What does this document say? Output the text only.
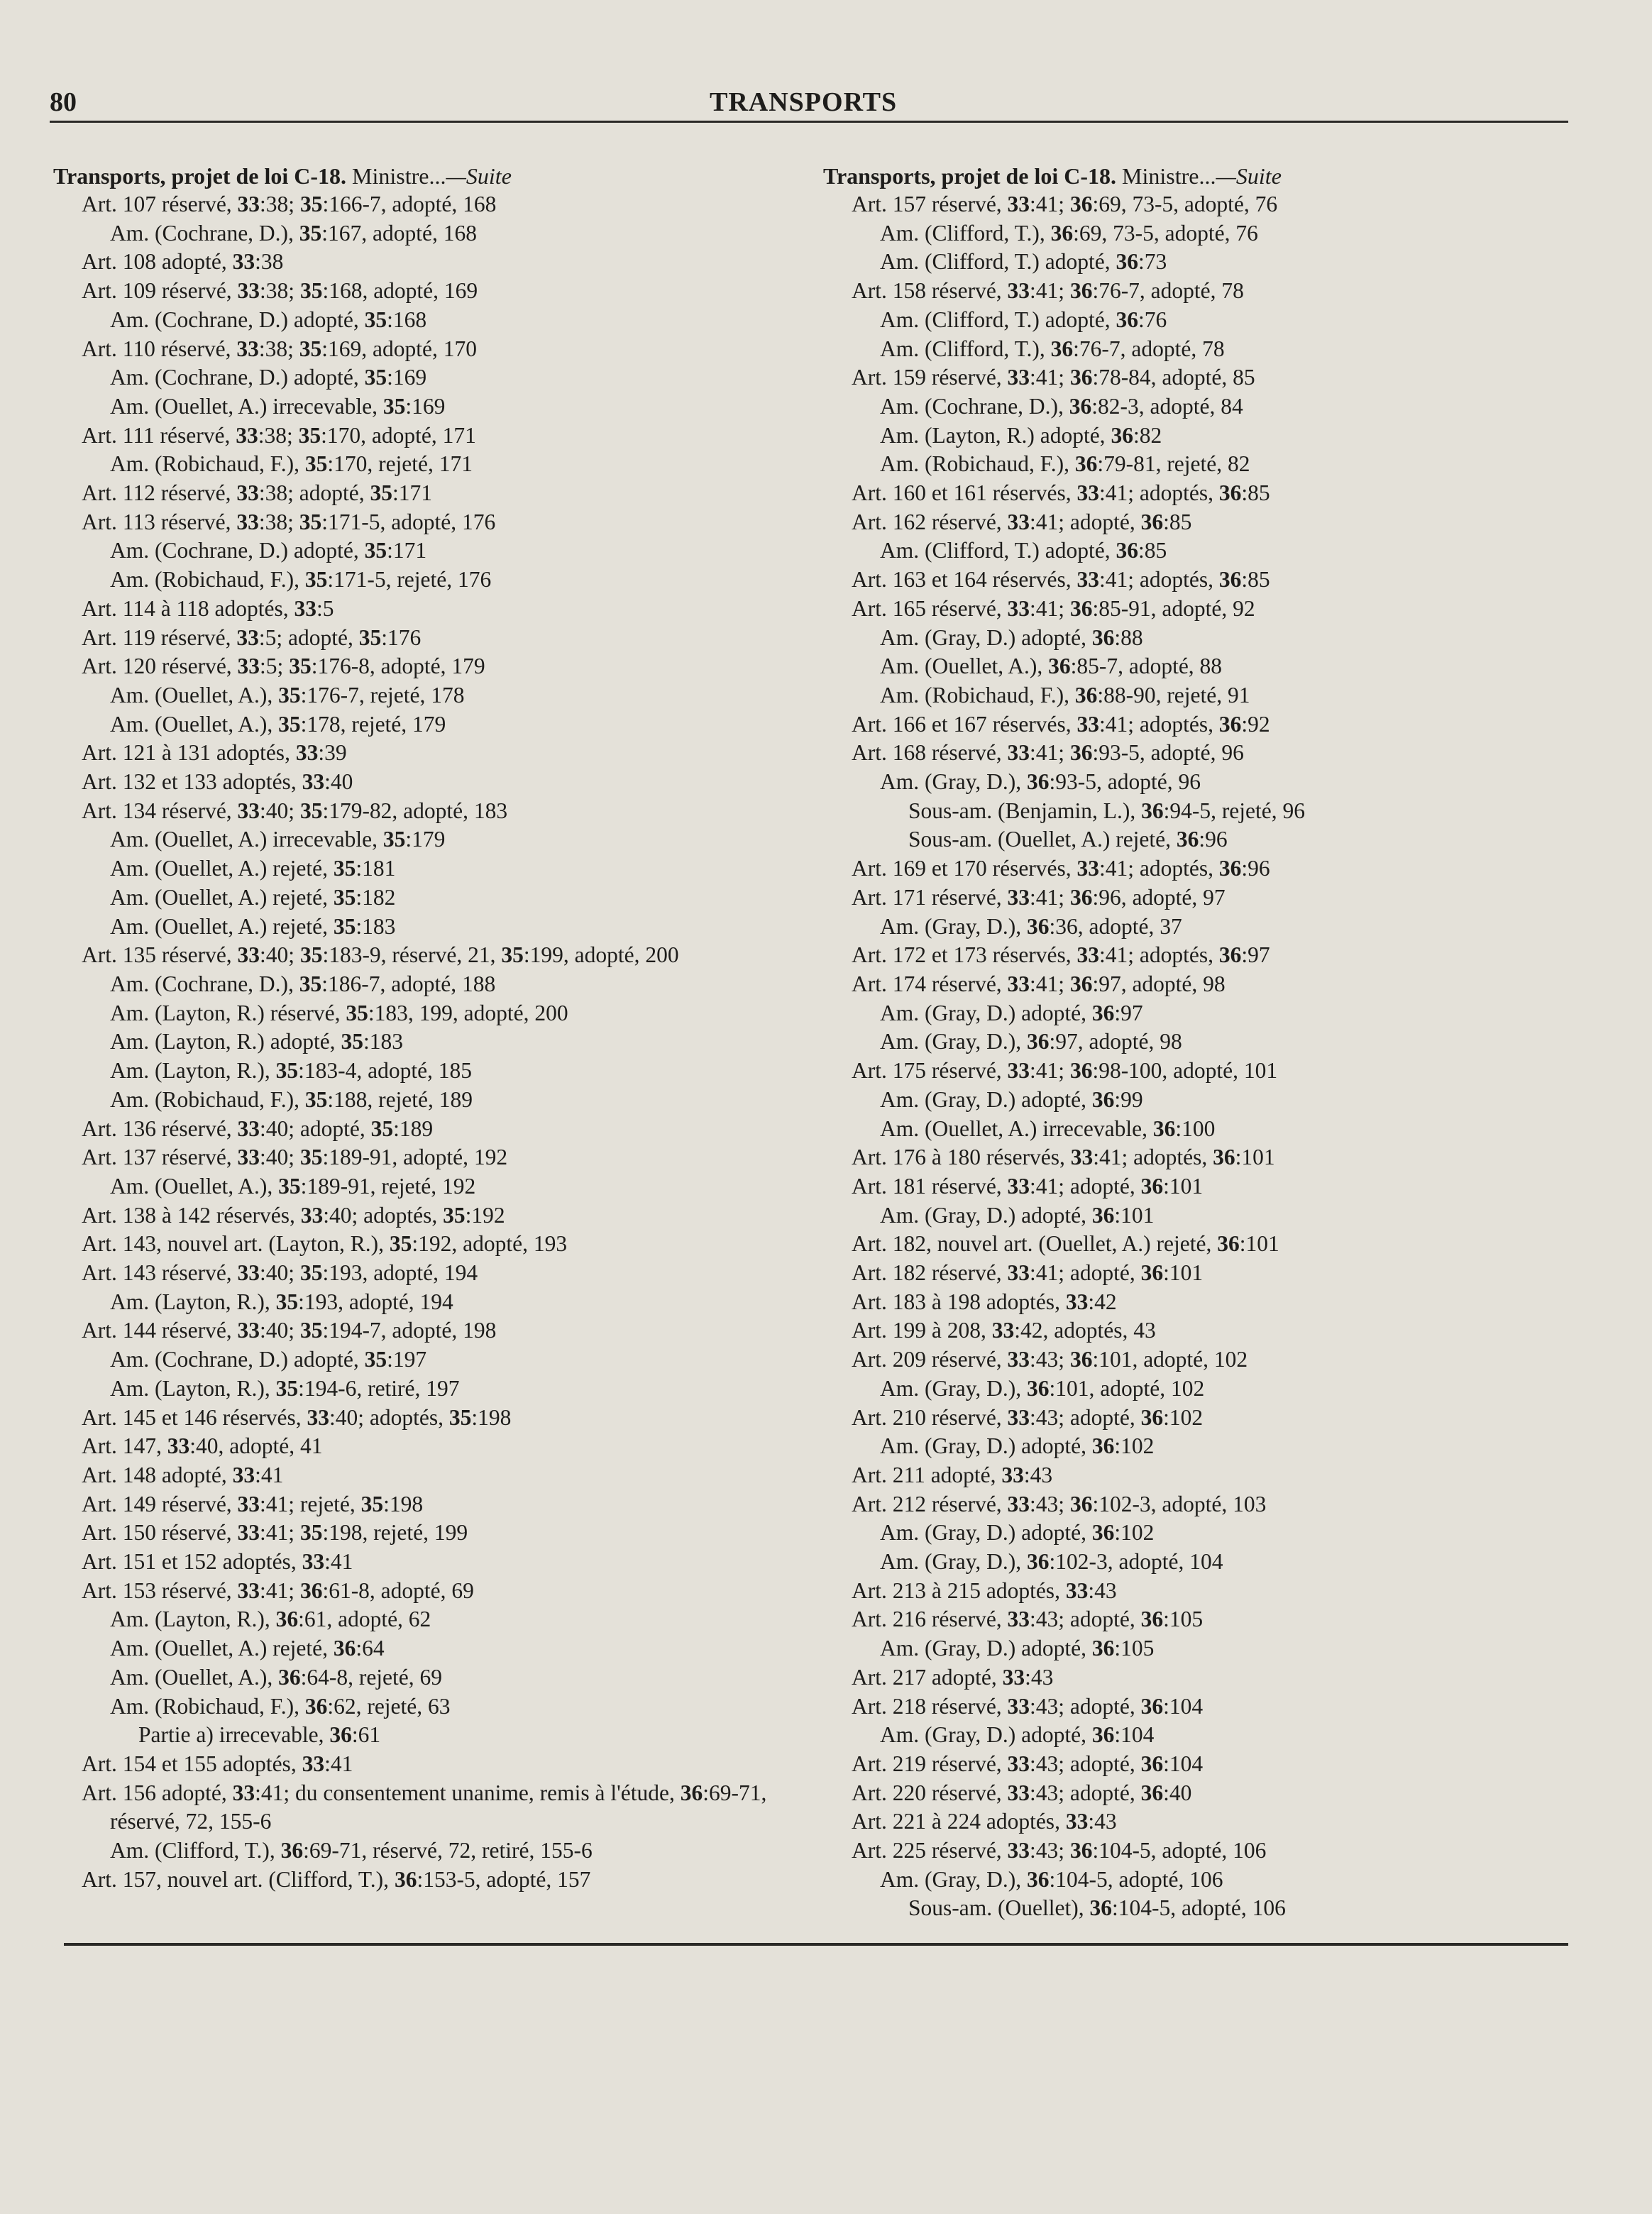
80	TRANSPORTS
Transports, projet de loi C-18. Ministre...—Suite
Art. 107 réservé, 33:38; 35:166-7, adopté, 168
Am. (Cochrane, D.), 35:167, adopté, 168
Art. 108 adopté, 33:38
Art. 109 réservé, 33:38; 35:168, adopté, 169
Am. (Cochrane, D.) adopté, 35:168
Art. 110 réservé, 33:38; 35:169, adopté, 170
Am. (Cochrane, D.) adopté, 35:169
Am. (Ouellet, A.) irrecevable, 35:169
Art. 111 réservé, 33:38; 35:170, adopté, 171
Am. (Robichaud, F.), 35:170, rejeté, 171
Art. 112 réservé, 33:38; adopté, 35:171
Art. 113 réservé, 33:38; 35:171-5, adopté, 176
Am. (Cochrane, D.) adopté, 35:171
Am. (Robichaud, F.), 35:171-5, rejeté, 176
Art. 114 à 118 adoptés, 33:5
Art. 119 réservé, 33:5; adopté, 35:176
Art. 120 réservé, 33:5; 35:176-8, adopté, 179
Am. (Ouellet, A.), 35:176-7, rejeté, 178
Am. (Ouellet, A.), 35:178, rejeté, 179
Art. 121 à 131 adoptés, 33:39
Art. 132 et 133 adoptés, 33:40
Art. 134 réservé, 33:40; 35:179-82, adopté, 183
Am. (Ouellet, A.) irrecevable, 35:179
Am. (Ouellet, A.) rejeté, 35:181
Am. (Ouellet, A.) rejeté, 35:182
Am. (Ouellet, A.) rejeté, 35:183
Art. 135 réservé, 33:40; 35:183-9, réservé, 21, 35:199, adopté, 200
Am. (Cochrane, D.), 35:186-7, adopté, 188
Am. (Layton, R.) réservé, 35:183, 199, adopté, 200
Am. (Layton, R.) adopté, 35:183
Am. (Layton, R.), 35:183-4, adopté, 185
Am. (Robichaud, F.), 35:188, rejeté, 189
Art. 136 réservé, 33:40; adopté, 35:189
Art. 137 réservé, 33:40; 35:189-91, adopté, 192
Am. (Ouellet, A.), 35:189-91, rejeté, 192
Art. 138 à 142 réservés, 33:40; adoptés, 35:192
Art. 143, nouvel art. (Layton, R.), 35:192, adopté, 193
Art. 143 réservé, 33:40; 35:193, adopté, 194
Am. (Layton, R.), 35:193, adopté, 194
Art. 144 réservé, 33:40; 35:194-7, adopté, 198
Am. (Cochrane, D.) adopté, 35:197
Am. (Layton, R.), 35:194-6, retiré, 197
Art. 145 et 146 réservés, 33:40; adoptés, 35:198
Art. 147, 33:40, adopté, 41
Art. 148 adopté, 33:41
Art. 149 réservé, 33:41; rejeté, 35:198
Art. 150 réservé, 33:41; 35:198, rejeté, 199
Art. 151 et 152 adoptés, 33:41
Art. 153 réservé, 33:41; 36:61-8, adopté, 69
Am. (Layton, R.), 36:61, adopté, 62
Am. (Ouellet, A.) rejeté, 36:64
Am. (Ouellet, A.), 36:64-8, rejeté, 69
Am. (Robichaud, F.), 36:62, rejeté, 63
Partie a) irrecevable, 36:61
Art. 154 et 155 adoptés, 33:41
Art. 156 adopté, 33:41; du consentement unanime, remis à l'étude, 36:69-71, réservé, 72, 155-6
Am. (Clifford, T.), 36:69-71, réservé, 72, retiré, 155-6
Art. 157, nouvel art. (Clifford, T.), 36:153-5, adopté, 157
Transports, projet de loi C-18. Ministre...—Suite
Art. 157 réservé, 33:41; 36:69, 73-5, adopté, 76
Am. (Clifford, T.), 36:69, 73-5, adopté, 76
Am. (Clifford, T.) adopté, 36:73
Art. 158 réservé, 33:41; 36:76-7, adopté, 78
Am. (Clifford, T.) adopté, 36:76
Am. (Clifford, T.), 36:76-7, adopté, 78
Art. 159 réservé, 33:41; 36:78-84, adopté, 85
Am. (Cochrane, D.), 36:82-3, adopté, 84
Am. (Layton, R.) adopté, 36:82
Am. (Robichaud, F.), 36:79-81, rejeté, 82
Art. 160 et 161 réservés, 33:41; adoptés, 36:85
Art. 162 réservé, 33:41; adopté, 36:85
Am. (Clifford, T.) adopté, 36:85
Art. 163 et 164 réservés, 33:41; adoptés, 36:85
Art. 165 réservé, 33:41; 36:85-91, adopté, 92
Am. (Gray, D.) adopté, 36:88
Am. (Ouellet, A.), 36:85-7, adopté, 88
Am. (Robichaud, F.), 36:88-90, rejeté, 91
Art. 166 et 167 réservés, 33:41; adoptés, 36:92
Art. 168 réservé, 33:41; 36:93-5, adopté, 96
Am. (Gray, D.), 36:93-5, adopté, 96
Sous-am. (Benjamin, L.), 36:94-5, rejeté, 96
Sous-am. (Ouellet, A.) rejeté, 36:96
Art. 169 et 170 réservés, 33:41; adoptés, 36:96
Art. 171 réservé, 33:41; 36:96, adopté, 97
Am. (Gray, D.), 36:36, adopté, 37
Art. 172 et 173 réservés, 33:41; adoptés, 36:97
Art. 174 réservé, 33:41; 36:97, adopté, 98
Am. (Gray, D.) adopté, 36:97
Am. (Gray, D.), 36:97, adopté, 98
Art. 175 réservé, 33:41; 36:98-100, adopté, 101
Am. (Gray, D.) adopté, 36:99
Am. (Ouellet, A.) irrecevable, 36:100
Art. 176 à 180 réservés, 33:41; adoptés, 36:101
Art. 181 réservé, 33:41; adopté, 36:101
Am. (Gray, D.) adopté, 36:101
Art. 182, nouvel art. (Ouellet, A.) rejeté, 36:101
Art. 182 réservé, 33:41; adopté, 36:101
Art. 183 à 198 adoptés, 33:42
Art. 199 à 208, 33:42, adoptés, 43
Art. 209 réservé, 33:43; 36:101, adopté, 102
Am. (Gray, D.), 36:101, adopté, 102
Art. 210 réservé, 33:43; adopté, 36:102
Am. (Gray, D.) adopté, 36:102
Art. 211 adopté, 33:43
Art. 212 réservé, 33:43; 36:102-3, adopté, 103
Am. (Gray, D.) adopté, 36:102
Am. (Gray, D.), 36:102-3, adopté, 104
Art. 213 à 215 adoptés, 33:43
Art. 216 réservé, 33:43; adopté, 36:105
Am. (Gray, D.) adopté, 36:105
Art. 217 adopté, 33:43
Art. 218 réservé, 33:43; adopté, 36:104
Am. (Gray, D.) adopté, 36:104
Art. 219 réservé, 33:43; adopté, 36:104
Art. 220 réservé, 33:43; adopté, 36:40
Art. 221 à 224 adoptés, 33:43
Art. 225 réservé, 33:43; 36:104-5, adopté, 106
Am. (Gray, D.), 36:104-5, adopté, 106
Sous-am. (Ouellet), 36:104-5, adopté, 106
